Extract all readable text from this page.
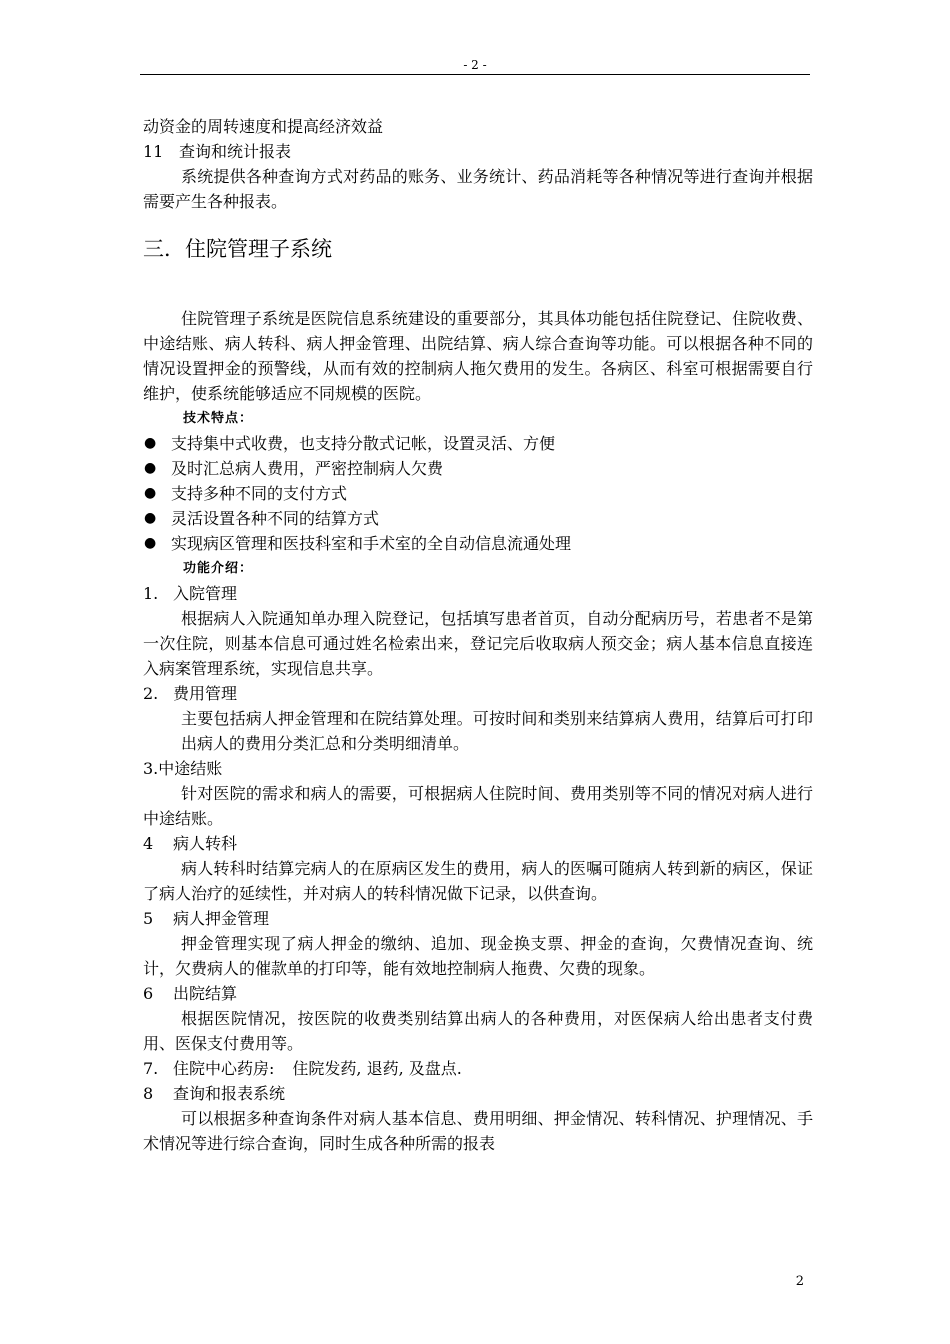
- 2 -
动资金的周转速度和提高经济效益
11 查询和统计报表
系统提供各种查询方式对药品的账务、业务统计、药品消耗等各种情况等进行查询并根据需要产生各种报表。
三．住院管理子系统
住院管理子系统是医院信息系统建设的重要部分，其具体功能包括住院登记、住院收费、中途结账、病人转科、病人押金管理、出院结算、病人综合查询等功能。可以根据各种不同的情况设置押金的预警线，从而有效的控制病人拖欠费用的发生。各病区、科室可根据需要自行维护，使系统能够适应不同规模的医院。
技术特点：
● 支持集中式收费，也支持分散式记帐，设置灵活、方便
● 及时汇总病人费用，严密控制病人欠费
● 支持多种不同的支付方式
● 灵活设置各种不同的结算方式
● 实现病区管理和医技科室和手术室的全自动信息流通处理
功能介绍：
1. 入院管理
根据病人入院通知单办理入院登记，包括填写患者首页，自动分配病历号，若患者不是第一次住院，则基本信息可通过姓名检索出来，登记完后收取病人预交金；病人基本信息直接连入病案管理系统，实现信息共享。
2. 费用管理
主要包括病人押金管理和在院结算处理。可按时间和类别来结算病人费用，结算后可打印出病人的费用分类汇总和分类明细清单。
3.中途结账
针对医院的需求和病人的需要，可根据病人住院时间、费用类别等不同的情况对病人进行中途结账。
4 病人转科
病人转科时结算完病人的在原病区发生的费用，病人的医嘱可随病人转到新的病区，保证了病人治疗的延续性，并对病人的转科情况做下记录，以供查询。
5 病人押金管理
押金管理实现了病人押金的缴纳、追加、现金换支票、押金的查询，欠费情况查询、统计，欠费病人的催款单的打印等，能有效地控制病人拖费、欠费的现象。
6 出院结算
根据医院情况，按医院的收费类别结算出病人的各种费用，对医保病人给出患者支付费用、医保支付费用等。
7. 住院中心药房: 住院发药, 退药, 及盘点.
8 查询和报表系统
可以根据多种查询条件对病人基本信息、费用明细、押金情况、转科情况、护理情况、手术情况等进行综合查询，同时生成各种所需的报表
2
